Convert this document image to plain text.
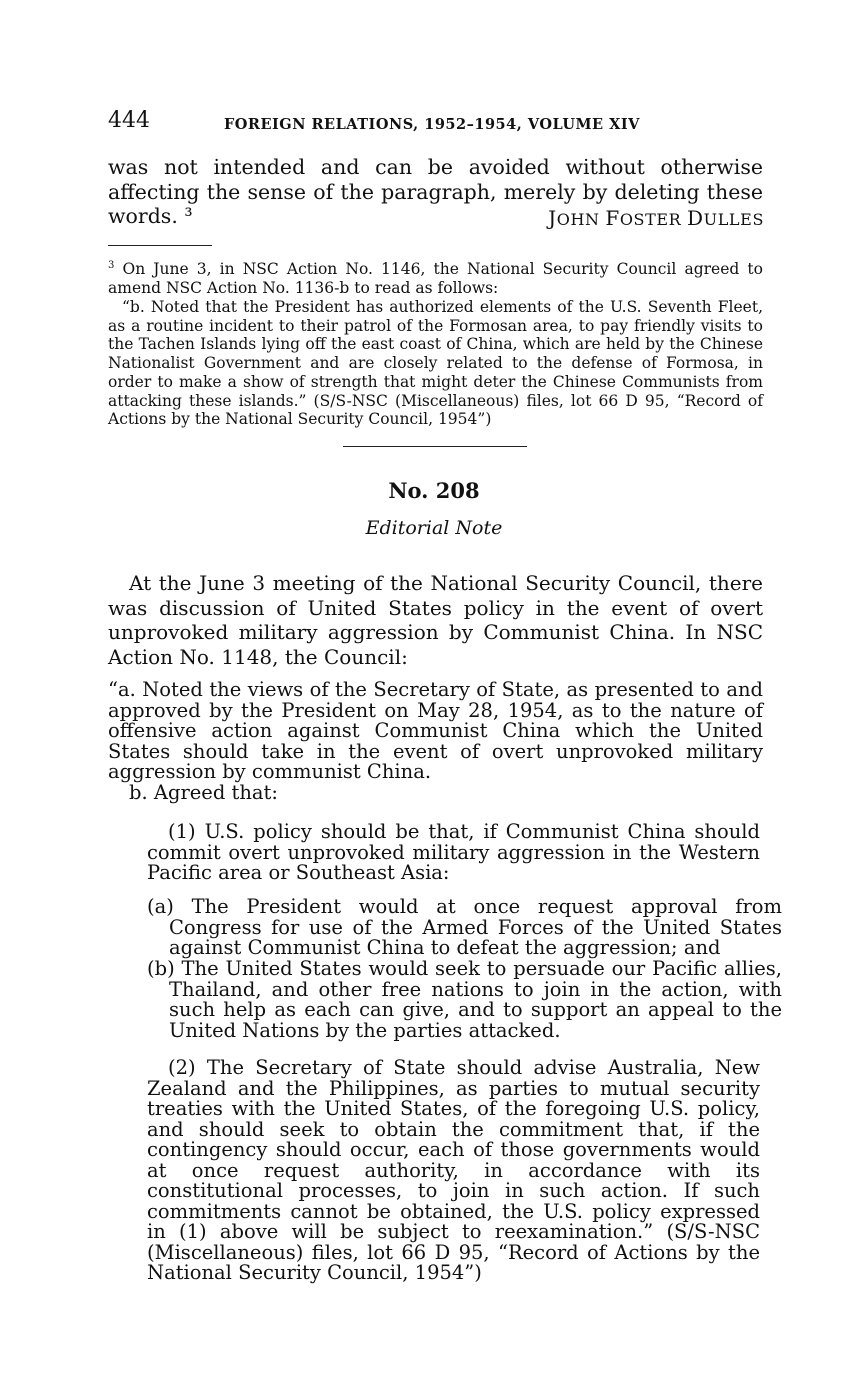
444	FOREIGN RELATIONS, 1952–1954, VOLUME XIV

was not intended and can be avoided without otherwise affecting the sense of the paragraph, merely by deleting these words. ³	JOHN FOSTER DULLES

$^3$ On June 3, in NSC Action No. 1146, the National Security Council agreed to amend NSC Action No. 1136-b to read as follows:

“b. Noted that the President has authorized elements of the U.S. Seventh Fleet, as a routine incident to their patrol of the Formosan area, to pay friendly visits to the Tachen Islands lying off the east coast of China, which are held by the Chinese Nationalist Government and are closely related to the defense of Formosa, in order to make a show of strength that might deter the Chinese Communists from attacking these islands.” (S/S-NSC (Miscellaneous) files, lot 66 D 95, “Record of Actions by the National Security Council, 1954”)

No. 208
Editorial Note

At the June 3 meeting of the National Security Council, there was discussion of United States policy in the event of overt unprovoked military aggression by Communist China. In NSC Action No. 1148, the Council:

“a. Noted the views of the Secretary of State, as presented to and approved by the President on May 28, 1954, as to the nature of offensive action against Communist China which the United States should take in the event of overt unprovoked military aggression by communist China.

b. Agreed that:

(1) U.S. policy should be that, if Communist China should commit overt unprovoked military aggression in the Western Pacific area or Southeast Asia:

(a) The President would at once request approval from Congress for use of the Armed Forces of the United States against Communist China to defeat the aggression; and

(b) The United States would seek to persuade our Pacific allies, Thailand, and other free nations to join in the action, with such help as each can give, and to support an appeal to the United Nations by the parties attacked.

(2) The Secretary of State should advise Australia, New Zealand and the Philippines, as parties to mutual security treaties with the United States, of the foregoing U.S. policy, and should seek to obtain the commitment that, if the contingency should occur, each of those governments would at once request authority, in accordance with its constitutional processes, to join in such action. If such commitments cannot be obtained, the U.S. policy expressed in (1) above will be subject to reexamination.” (S/S-NSC (Miscellaneous) files, lot 66 D 95, “Record of Actions by the National Security Council, 1954”)
